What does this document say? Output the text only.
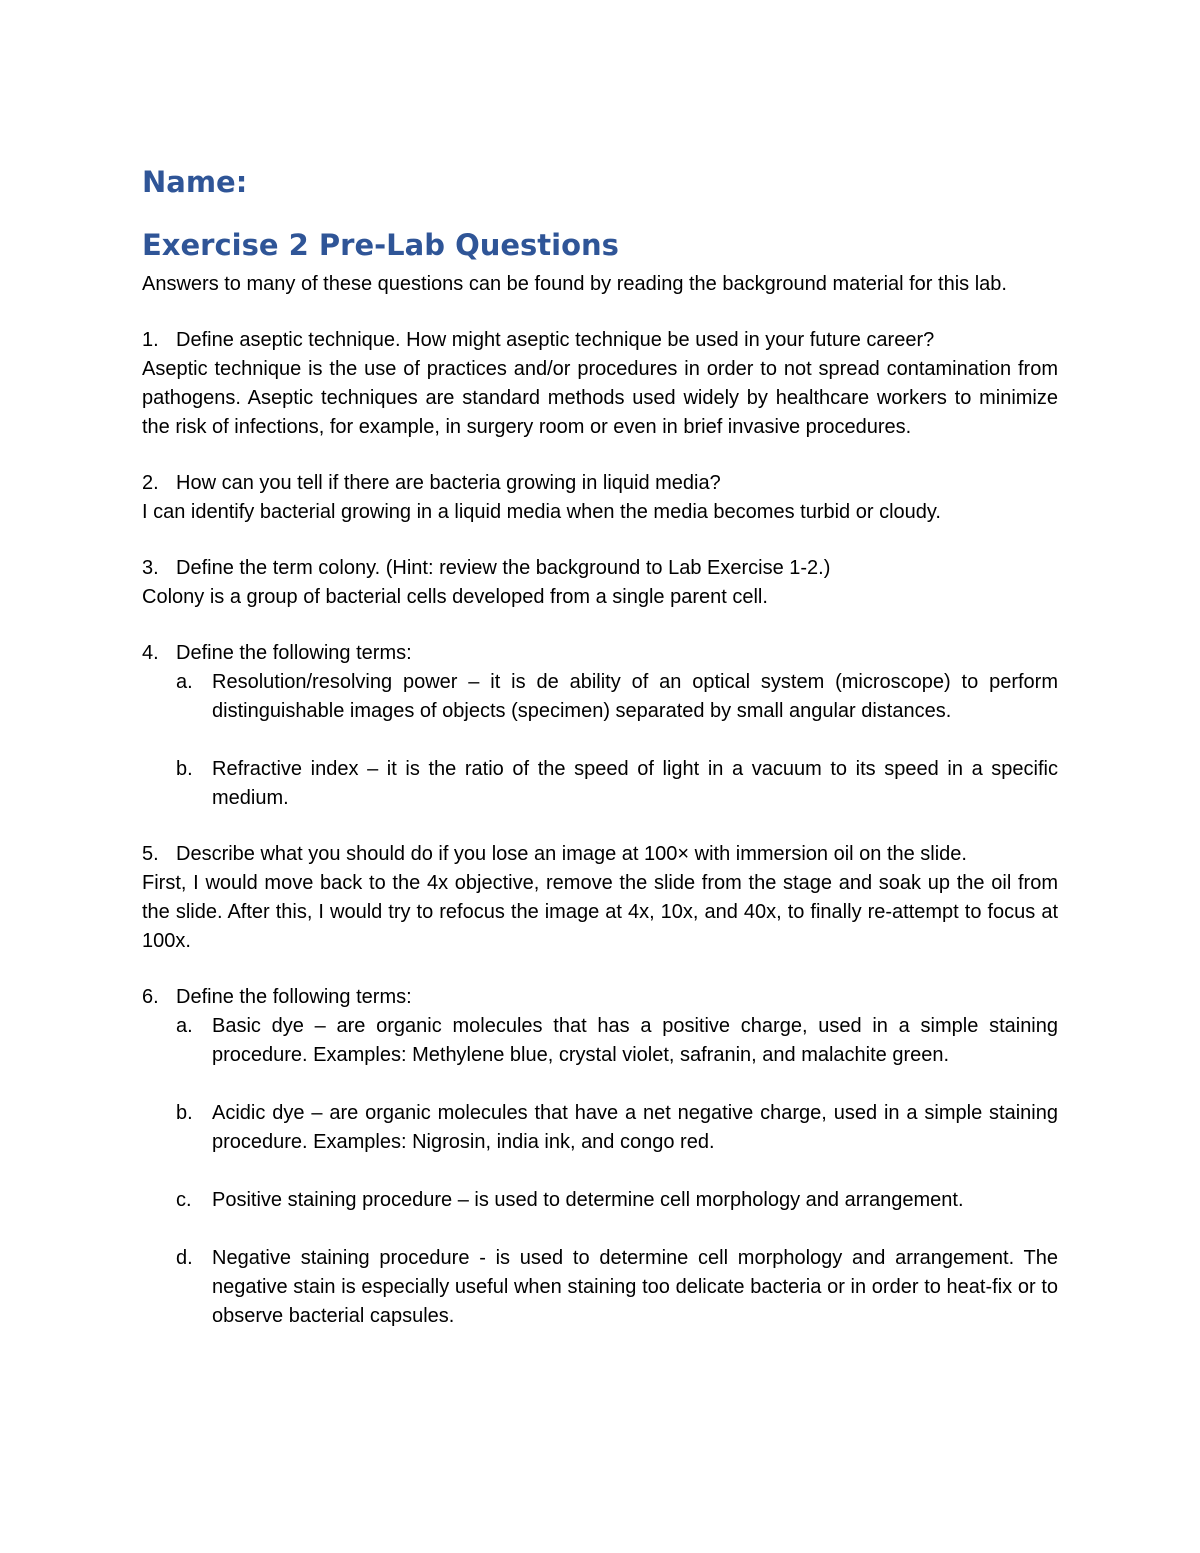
Name:
Exercise 2 Pre-Lab Questions

Answers to many of these questions can be found by reading the background material for this lab.

1. Define aseptic technique. How might aseptic technique be used in your future career?

Aseptic technique is the use of practices and/or procedures in order to not spread contamination from pathogens. Aseptic techniques are standard methods used widely by healthcare workers to minimize the risk of infections, for example, in surgery room or even in brief invasive procedures.

2. How can you tell if there are bacteria growing in liquid media?

I can identify bacterial growing in a liquid media when the media becomes turbid or cloudy.

3. Define the term colony. (Hint: review the background to Lab Exercise 1-2.)

Colony is a group of bacterial cells developed from a single parent cell.

4. Define the following terms:
a. Resolution/resolving power – it is de ability of an optical system (microscope) to perform distinguishable images of objects (specimen) separated by small angular distances.
b. Refractive index – it is the ratio of the speed of light in a vacuum to its speed in a specific medium.
5. Describe what you should do if you lose an image at 100× with immersion oil on the slide.

First, I would move back to the 4x objective, remove the slide from the stage and soak up the oil from the slide. After this, I would try to refocus the image at 4x, 10x, and 40x, to finally re-attempt to focus at 100x.

6. Define the following terms:
a. Basic dye – are organic molecules that has a positive charge, used in a simple staining procedure. Examples: Methylene blue, crystal violet, safranin, and malachite green.
b. Acidic dye – are organic molecules that have a net negative charge, used in a simple staining procedure. Examples: Nigrosin, india ink, and congo red.
c.	Positive staining procedure – is used to determine cell morphology and arrangement.
d. Negative staining procedure - is used to determine cell morphology and arrangement. The negative stain is especially useful when staining too delicate bacteria or in order to heat-fix or to observe bacterial capsules.
